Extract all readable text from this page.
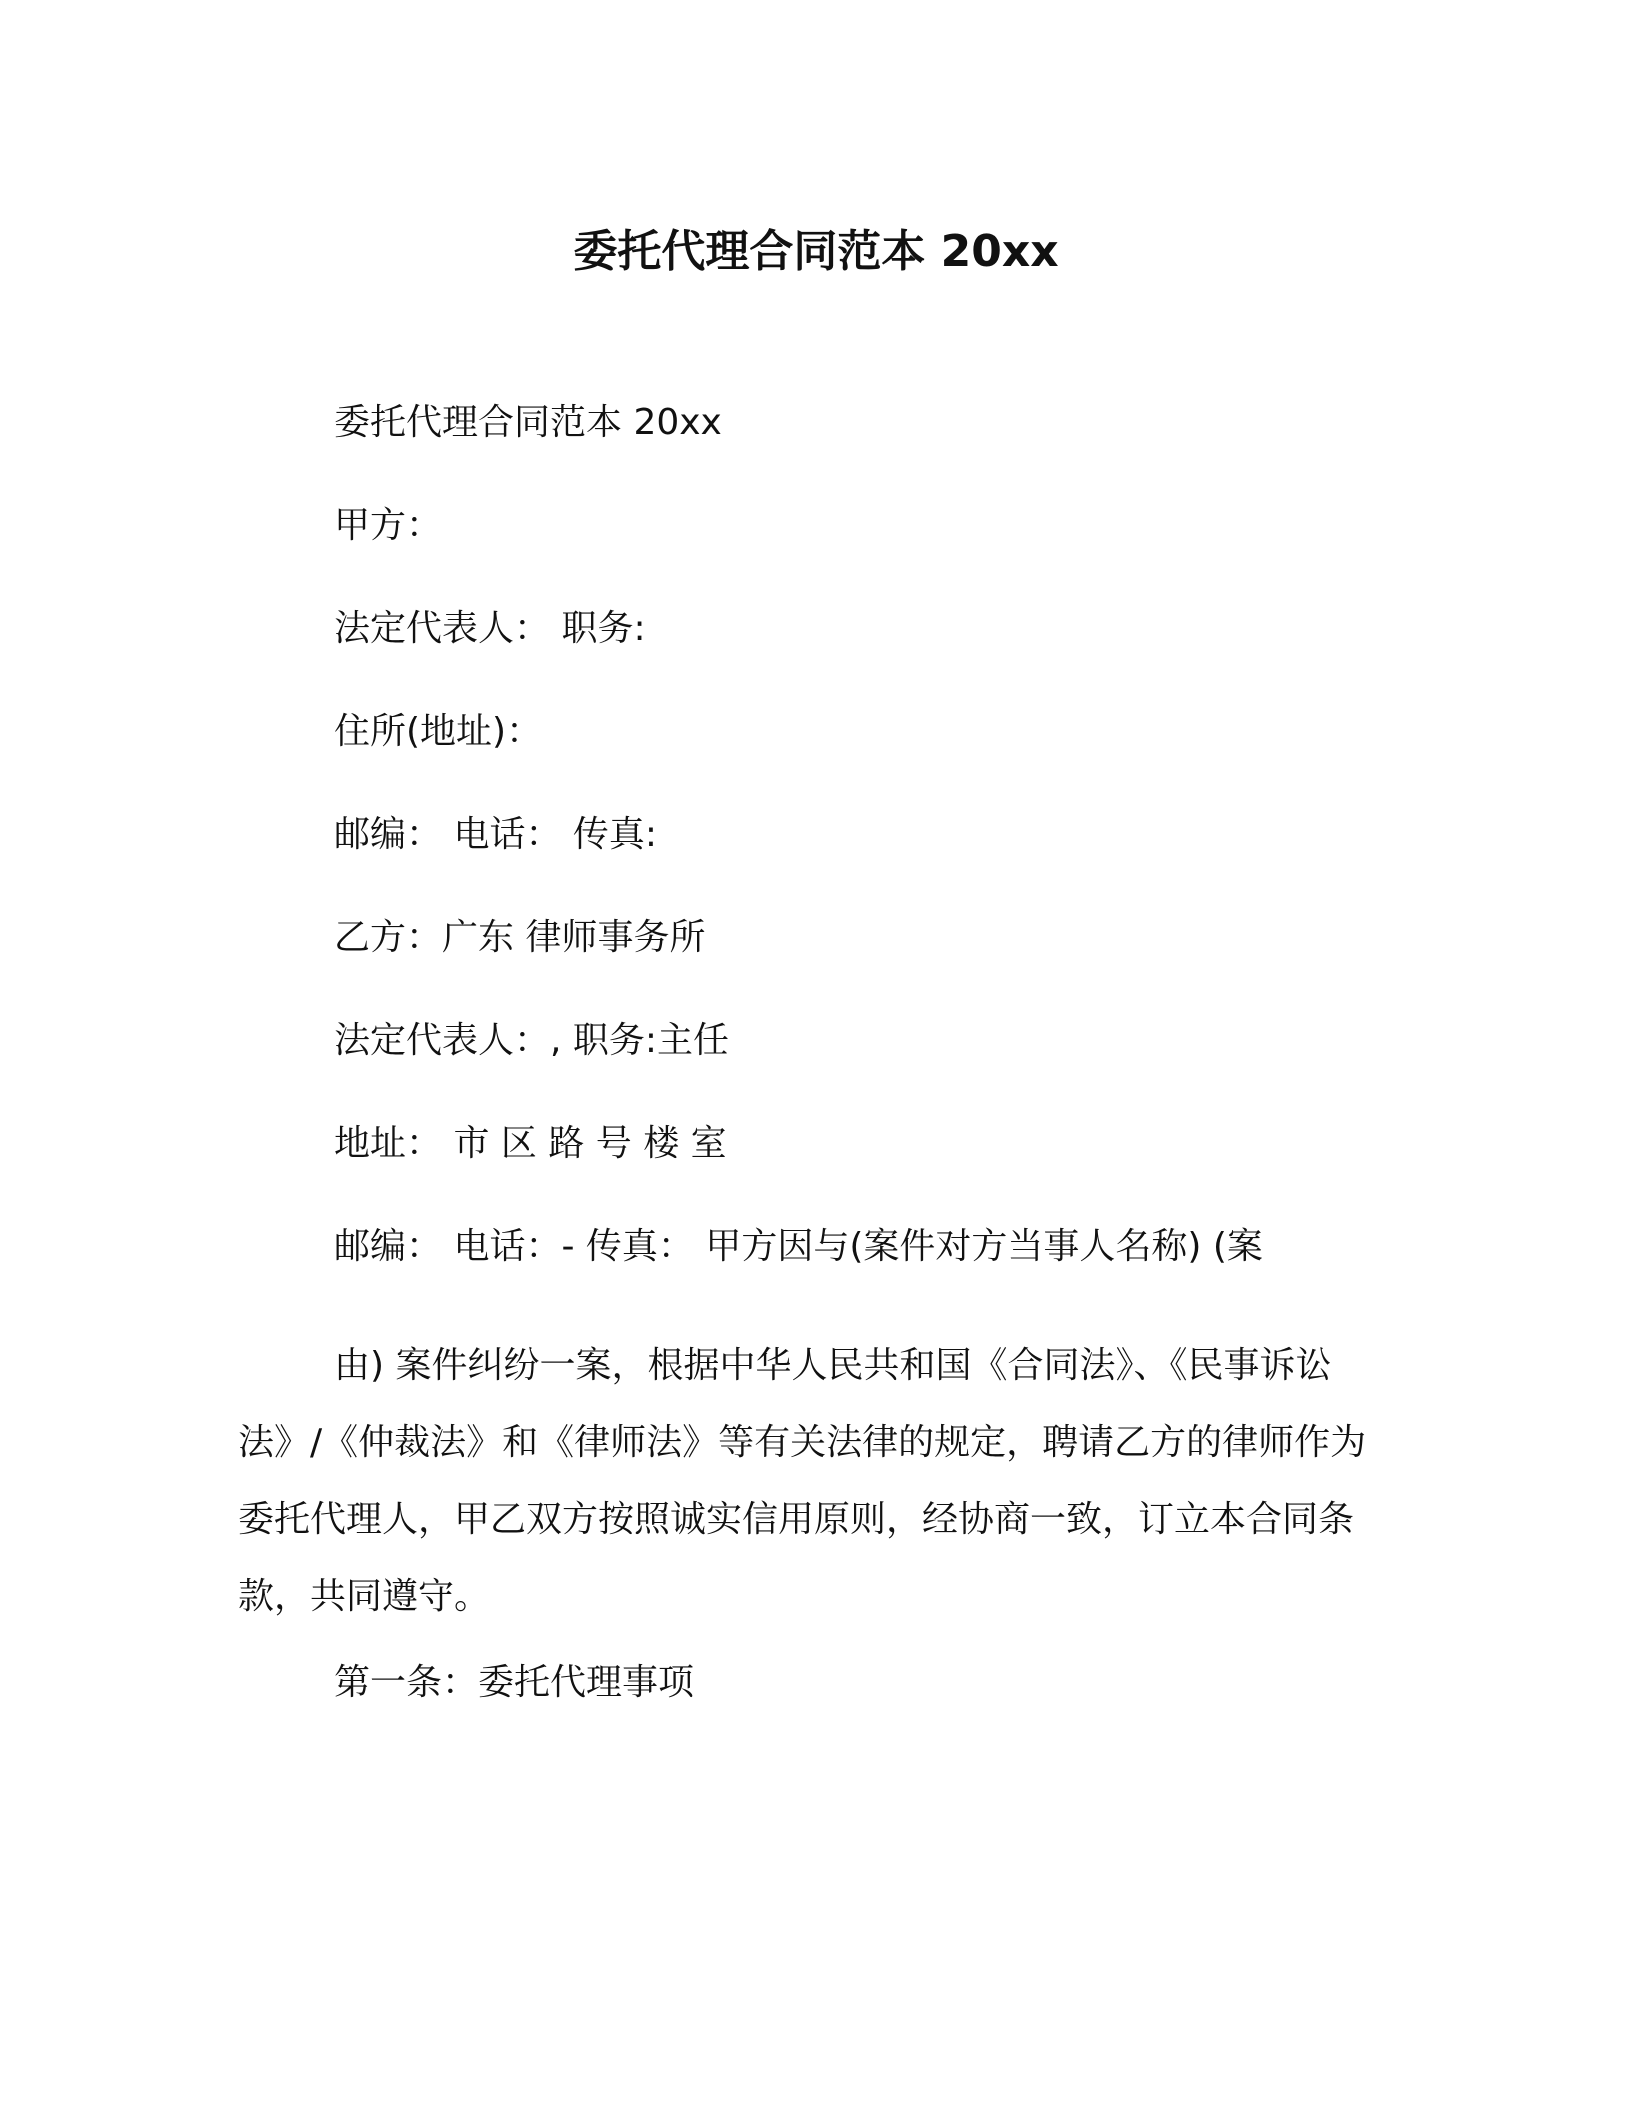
委托代理合同范本 20xx
委托代理合同范本 20xx
甲方：
法定代表人： 职务:
住所(地址)：
邮编： 电话： 传真:
乙方：广东 律师事务所
法定代表人：, 职务:主任
地址： 市 区 路 号 楼 室
邮编： 电话：- 传真： 甲方因与(案件对方当事人名称) (案
由) 案件纠纷一案，根据中华人民共和国《合同法》、《民事诉讼法》/《仲裁法》和《律师法》等有关法律的规定，聘请乙方的律师作为委托代理人，甲乙双方按照诚实信用原则，经协商一致，订立本合同条款，共同遵守。
第一条：委托代理事项
